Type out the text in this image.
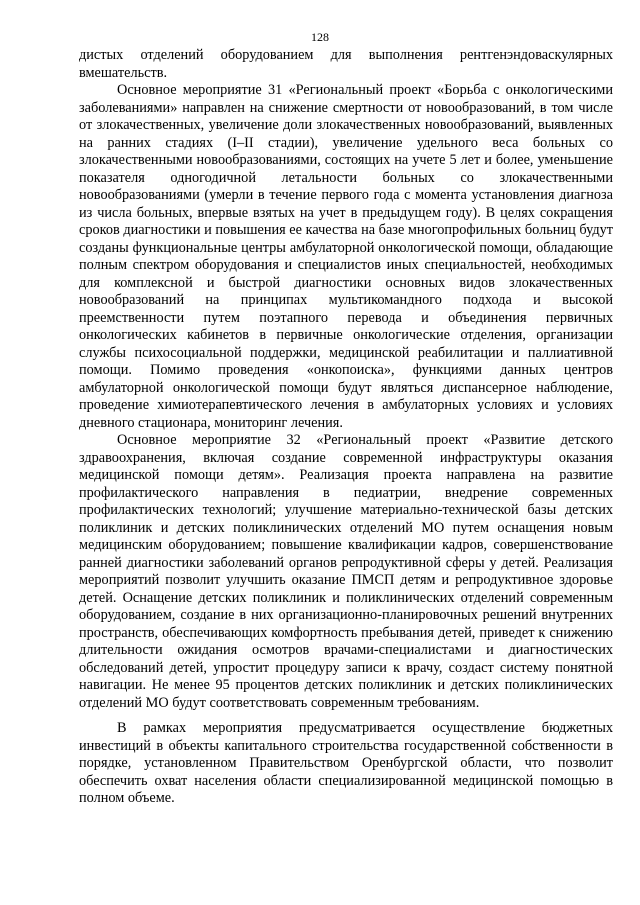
128

дистых отделений оборудованием для выполнения рентгенэндоваскулярных вмешательств.

Основное мероприятие 31 «Региональный проект «Борьба с онкологическими заболеваниями» направлен на снижение смертности от новообразований, в том числе от злокачественных, увеличение доли злокачественных новообразований, выявленных на ранних стадиях (I–II стадии), увеличение удельного веса больных со злокачественными новообразованиями, состоящих на учете 5 лет и более, уменьшение показателя одногодичной летальности больных со злокачественными новообразованиями (умерли в течение первого года с момента установления диагноза из числа больных, впервые взятых на учет в предыдущем году). В целях сокращения сроков диагностики и повышения ее качества на базе многопрофильных больниц будут созданы функциональные центры амбулаторной онкологической помощи, обладающие полным спектром оборудования и специалистов иных специальностей, необходимых для комплексной и быстрой диагностики основных видов злокачественных новообразований на принципах мультикомандного подхода и высокой преемственности путем поэтапного перевода и объединения первичных онкологических кабинетов в первичные онкологические отделения, организации службы психосоциальной поддержки, медицинской реабилитации и паллиативной помощи. Помимо проведения «онкопоиска», функциями данных центров амбулаторной онкологической помощи будут являться диспансерное наблюдение, проведение химиотерапевтического лечения в амбулаторных условиях и условиях дневного стационара, мониторинг лечения.

Основное мероприятие 32 «Региональный проект «Развитие детского здравоохранения, включая создание современной инфраструктуры оказания медицинской помощи детям». Реализация проекта направлена на развитие профилактического направления в педиатрии, внедрение современных профилактических технологий; улучшение материально-технической базы детских поликлиник и детских поликлинических отделений МО путем оснащения новым медицинским оборудованием; повышение квалификации кадров, совершенствование ранней диагностики заболеваний органов репродуктивной сферы у детей. Реализация мероприятий позволит улучшить оказание ПМСП детям и репродуктивное здоровье детей. Оснащение детских поликлиник и поликлинических отделений современным оборудованием, создание в них организационно-планировочных решений внутренних пространств, обеспечивающих комфортность пребывания детей, приведет к снижению длительности ожидания осмотров врачами-специалистами и диагностических обследований детей, упростит процедуру записи к врачу, создаст систему понятной навигации. Не менее 95 процентов детских поликлиник и детских поликлинических отделений МО будут соответствовать современным требованиям.

В рамках мероприятия предусматривается осуществление бюджетных инвестиций в объекты капитального строительства государственной собственности в порядке, установленном Правительством Оренбургской области, что позволит обеспечить охват населения области специализированной медицинской помощью в полном объеме.
